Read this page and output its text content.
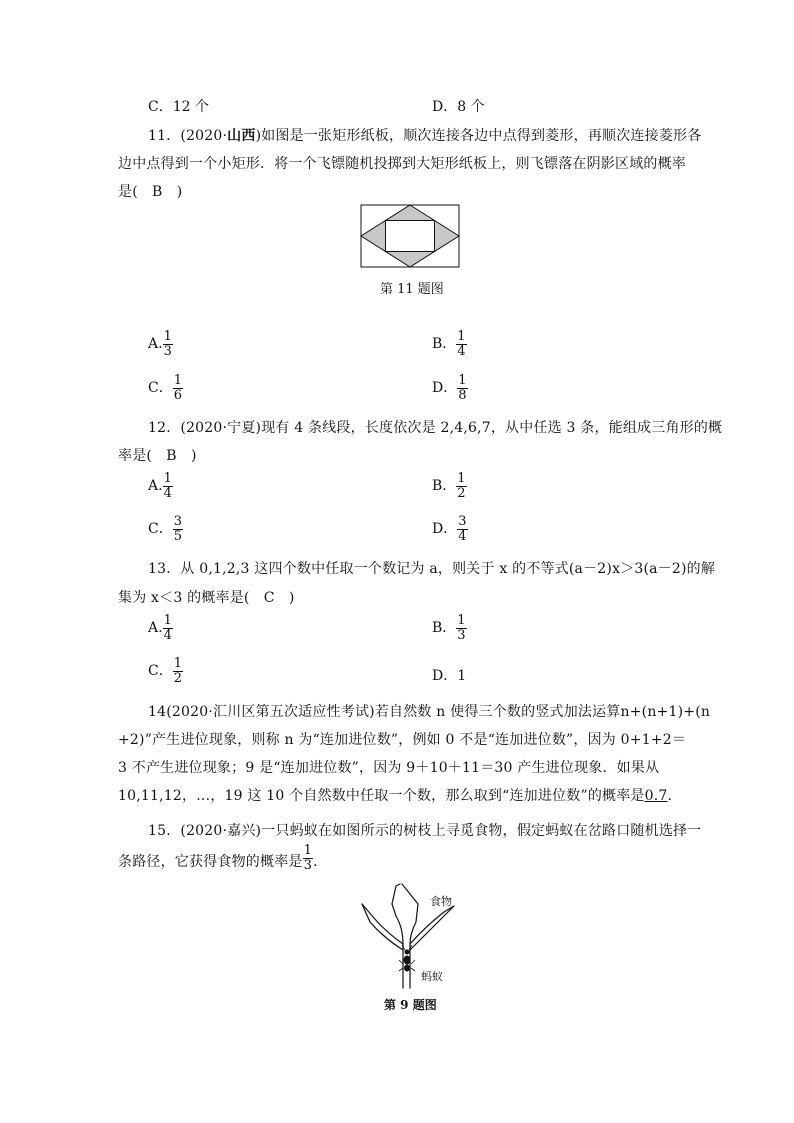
C．12 个	D．8 个
11．(2020·山西)如图是一张矩形纸板，顺次连接各边中点得到菱形，再顺次连接菱形各
边中点得到一个小矩形．将一个飞镖随机投掷到大矩形纸板上，则飞镖落在阴影区域的概率
是(　B　)
第 11 题图
A. $\frac{1}{3}$	B． $\frac{1}{4}$
C． $\frac{1}{6}$	D． $\frac{1}{8}$
12．(2020·宁夏)现有 4 条线段，长度依次是 2,4,6,7，从中任选 3 条，能组成三角形的概
率是(　B　)
A. $\frac{1}{4}$	B． $\frac{1}{2}$
C． $\frac{3}{5}$	D． $\frac{3}{4}$
13．从 0,1,2,3 这四个数中任取一个数记为 a，则关于 x 的不等式(a－2)x＞3(a－2)的解
集为 x＜3 的概率是(　C　)
A. $\frac{1}{4}$	B． $\frac{1}{3}$
C． $\frac{1}{2}$	D．1
14(2020·汇川区第五次适应性考试)若自然数 n 使得三个数的竖式加法运算n+(n+1)+(n
+2)”产生进位现象，则称 n 为“连加进位数”，例如 0 不是“连加进位数”，因为 0+1+2＝
3 不产生进位现象；9 是“连加进位数”，因为 9＋10＋11＝30 产生进位现象．如果从
10,11,12，…，19 这 10 个自然数中任取一个数，那么取到“连加进位数”的概率是0.7.
15．(2020·嘉兴)一只蚂蚁在如图所示的树枝上寻觅食物，假定蚂蚁在岔路口随机选择一
条路径，它获得食物的概率是 $\frac{1}{3}$ .
食物
蚂蚁
第 9 题图
